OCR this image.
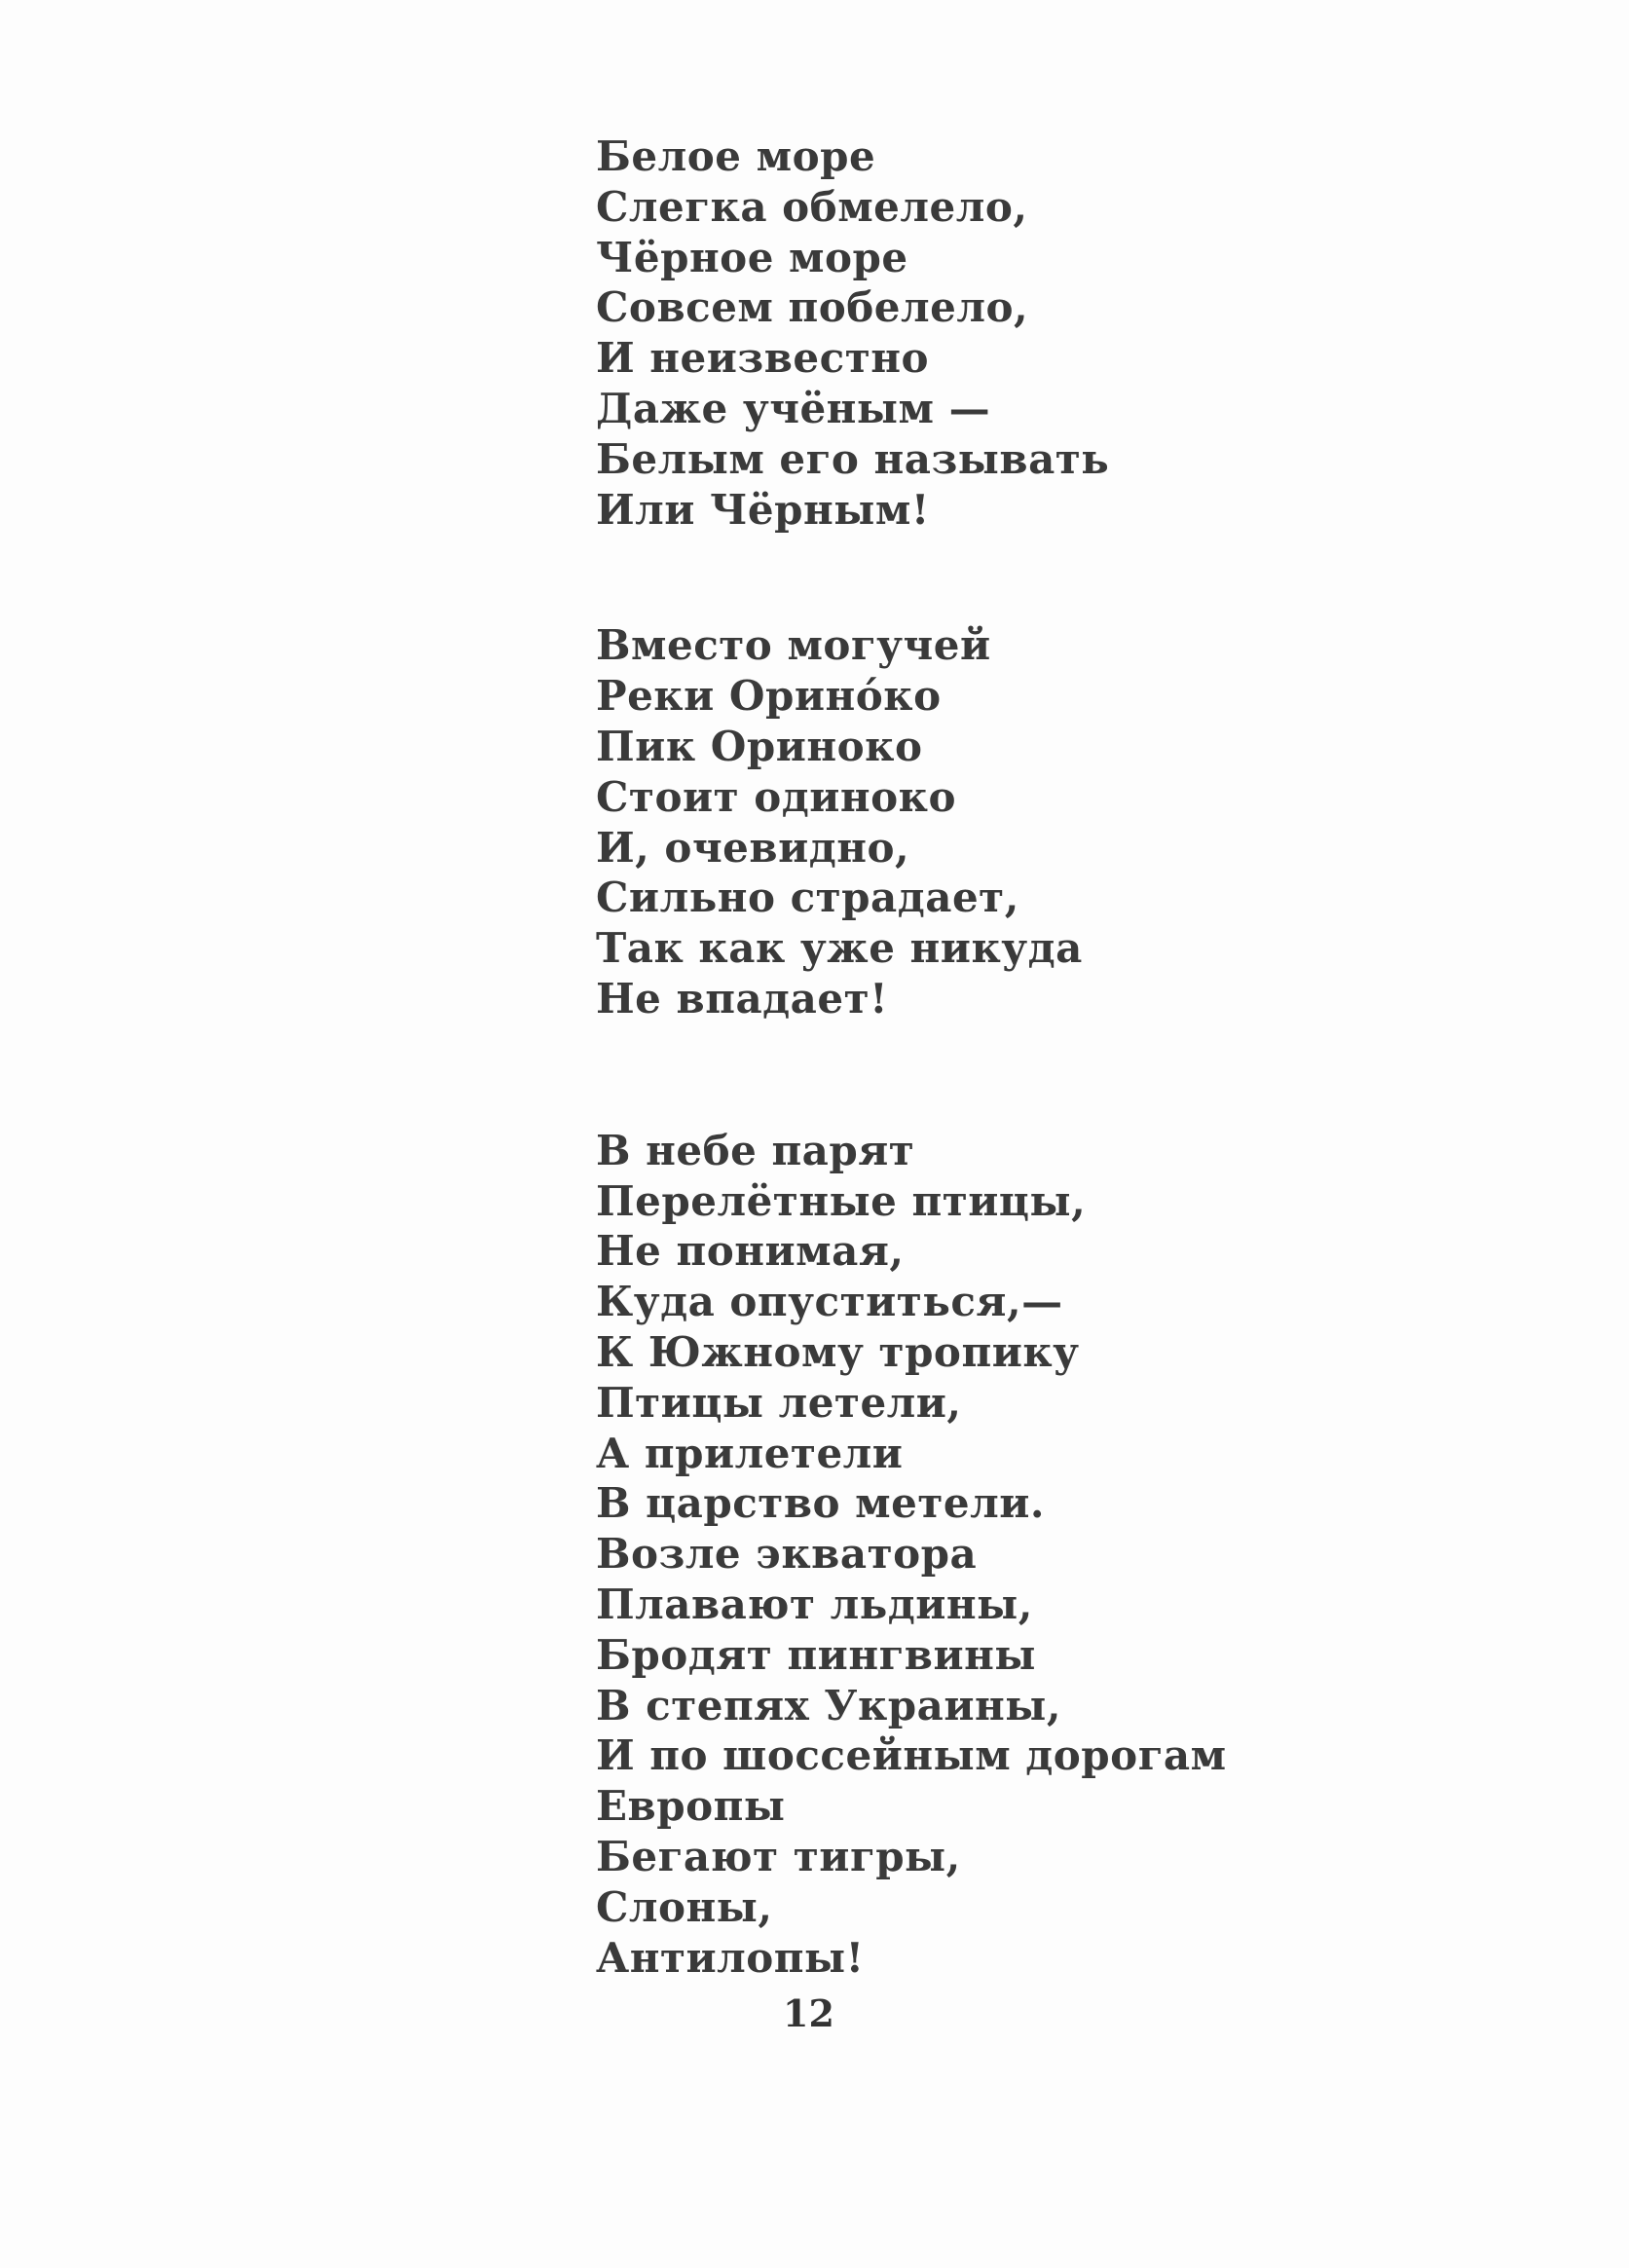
Белое море
Слегка обмелело,
Чёрное море
Совсем побелело,
И неизвестно
Даже учёным —
Белым его называть
Или Чёрным!
Вместо могучей
Реки Орино́ко
Пик Ориноко
Стоит одиноко
И, очевидно,
Сильно страдает,
Так как уже никуда
Не впадает!
В небе парят
Перелётные птицы,
Не понимая,
Куда опуститься,—
К Южному тропику
Птицы летели,
А прилетели
В царство метели.
Возле экватора
Плавают льдины,
Бродят пингвины
В степях Украины,
И по шоссейным дорогам
Европы
Бегают тигры,
Слоны,
Антилопы!
12
